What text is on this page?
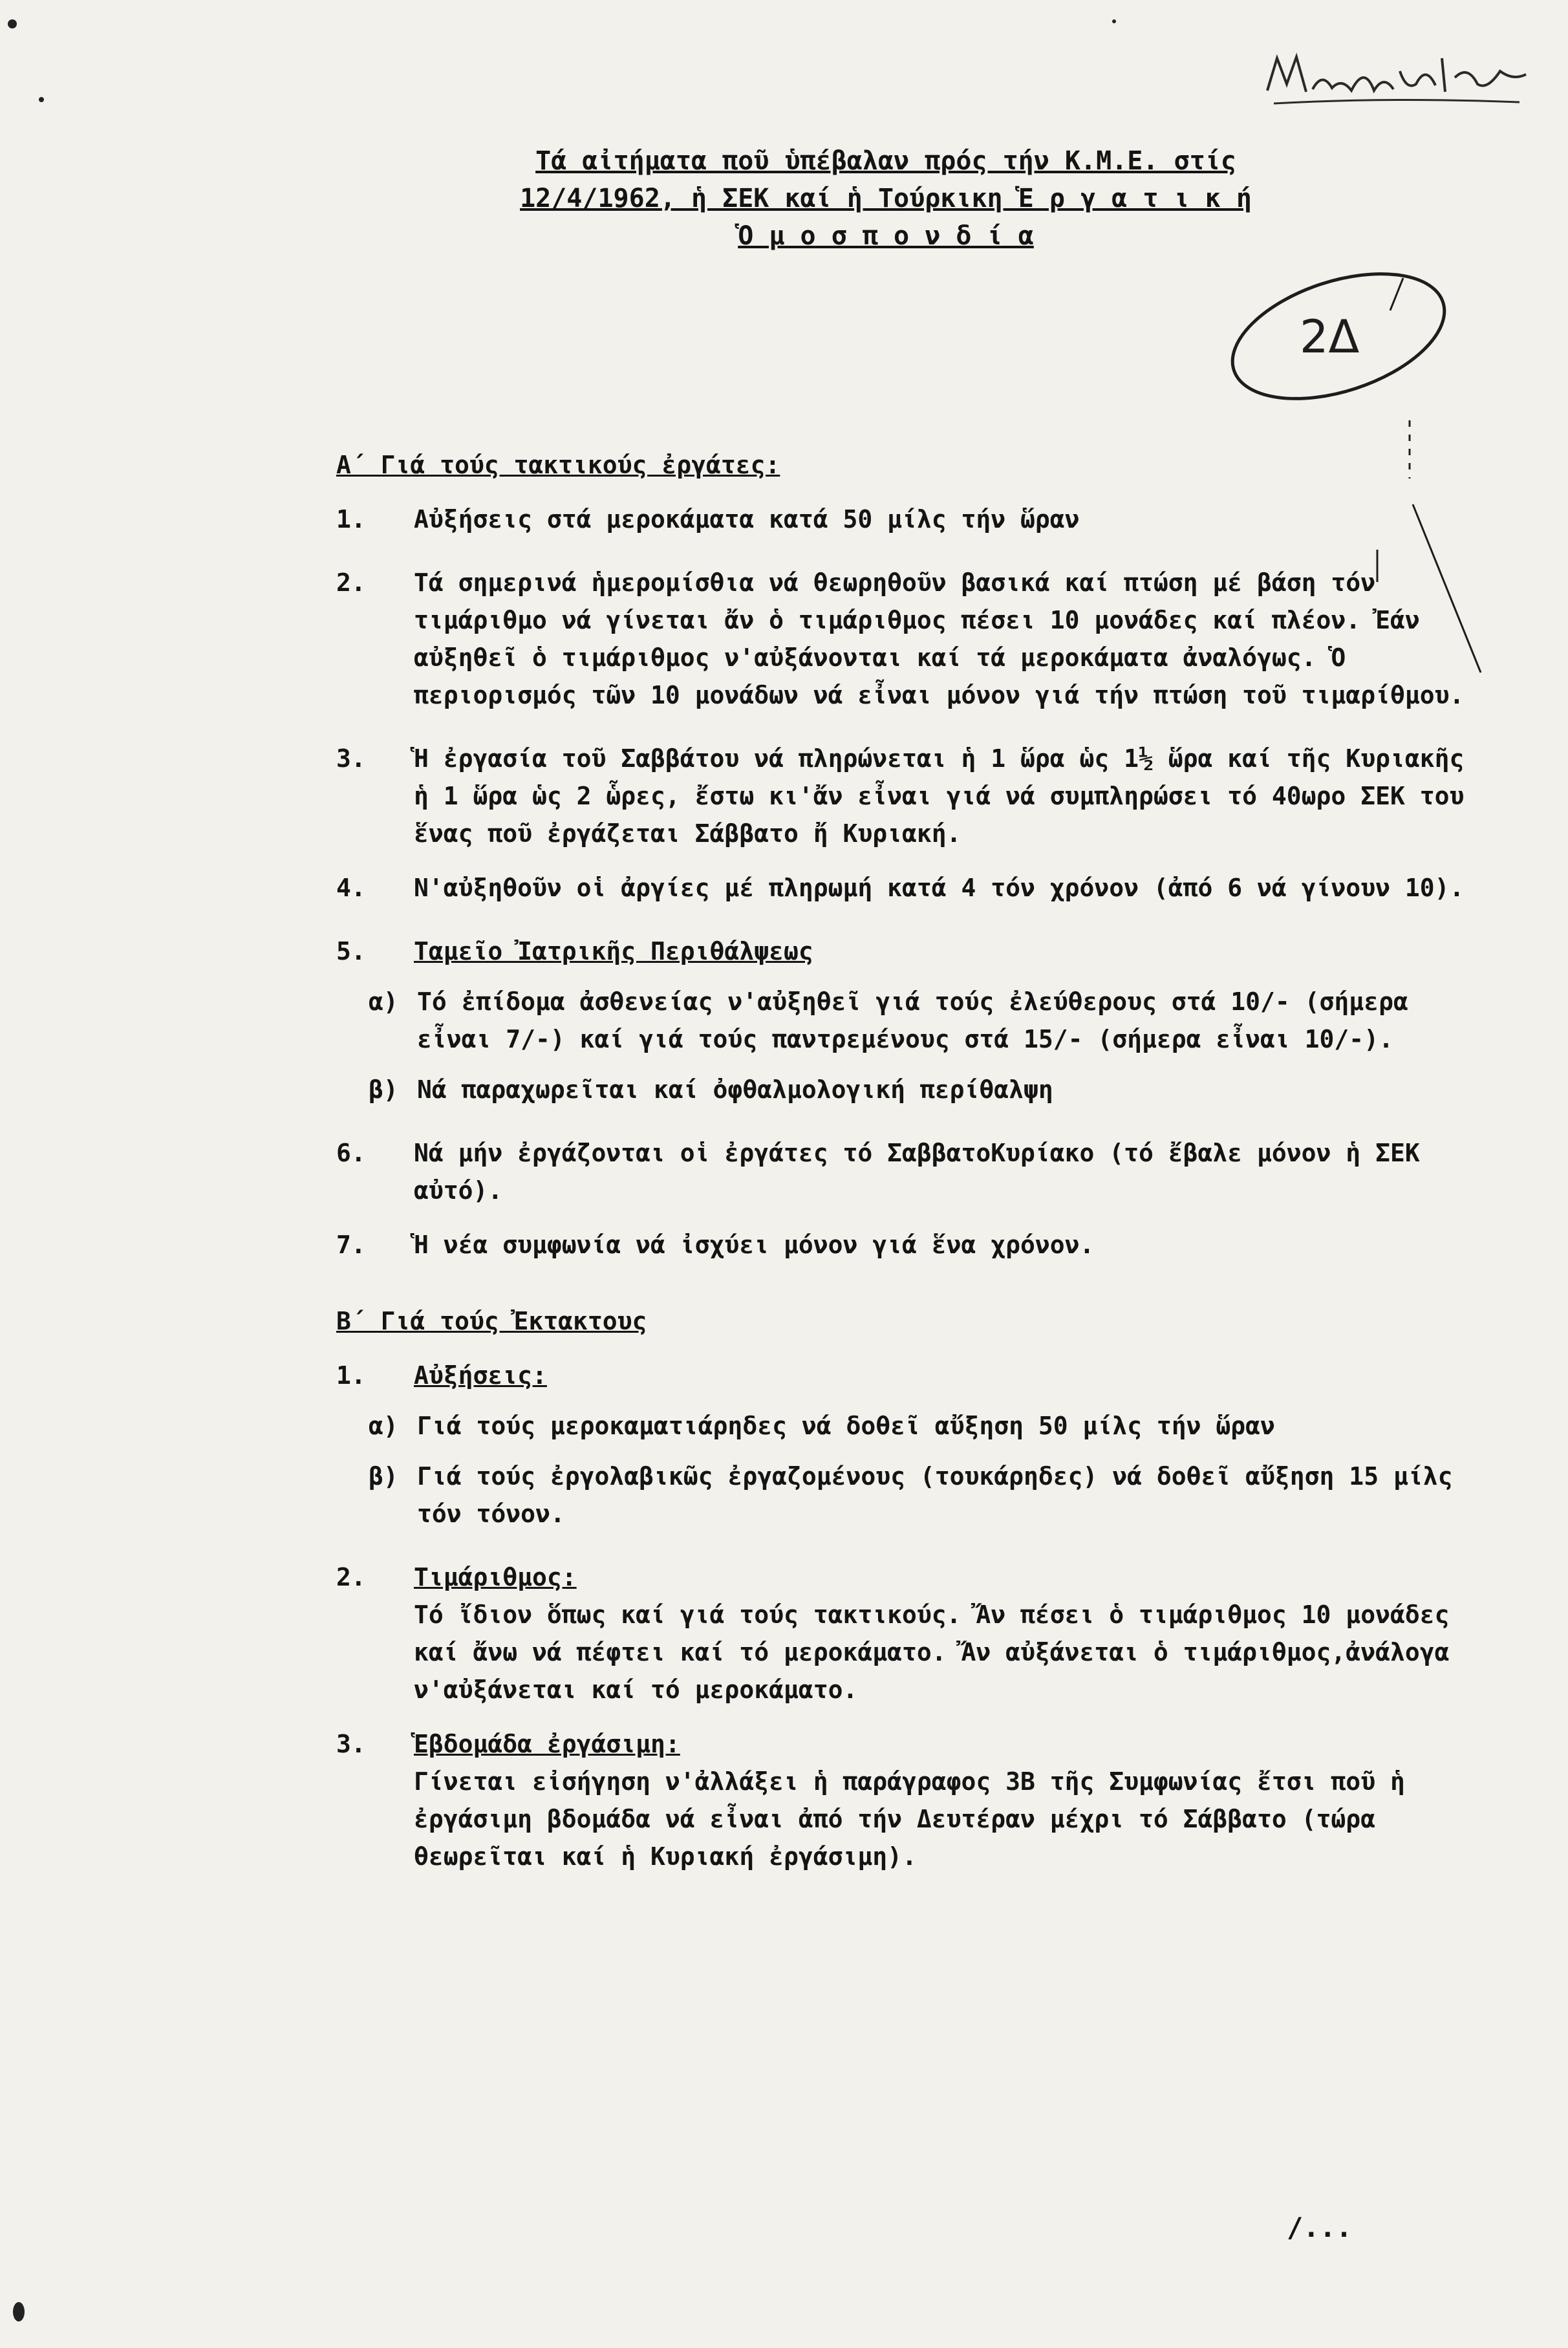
2Δ
Τά αἰτήματα ποῦ ὑπέβαλαν πρός τήν Κ.Μ.Ε. στίς
12/4/1962, ἡ ΣΕΚ καί ἡ Τούρκικη Ἑ ρ γ α τ ι κ ή
Ὁ μ ο σ π ο ν δ ί α

Α΄ Γιά τούς τακτικούς ἐργάτες:

1.	Αὐξήσεις στά μεροκάματα κατά 50 μίλς τήν ὥραν
2.	Τά σημερινά ἡμερομίσθια νά θεωρηθοῦν βασικά καί πτώση μέ βάση τόν τιμάριθμο νά γίνεται ἄν ὁ τιμάριθμος πέσει 10 μονάδες καί πλέον. Ἐάν αὐξηθεῖ ὁ τιμάριθμος ν'αὐξάνονται καί τά μεροκάματα ἀναλόγως. Ὁ περιορισμός τῶν 10 μονάδων νά εἶναι μόνον γιά τήν πτώση τοῦ τιμαρίθμου.
3.	Ἡ ἐργασία τοῦ Σαββάτου νά πληρώνεται ἡ 1 ὥρα ὡς 1½ ὥρα καί τῆς Κυριακῆς ἡ 1 ὥρα ὡς 2 ὧρες, ἔστω κι'ἄν εἶναι γιά νά συμπληρώσει τό 40ωρο ΣΕΚ του ἕνας ποῦ ἐργάζεται Σάββατο ἤ Κυριακή.
4.	Ν'αὐξηθοῦν οἱ ἀργίες μέ πληρωμή κατά 4 τόν χρόνον (ἀπό 6 νά γίνουν 10).
5.	Ταμεῖο Ἰατρικῆς Περιθάλψεως
α) Τό ἐπίδομα ἀσθενείας ν'αὐξηθεῖ γιά τούς ἐλεύθερους στά 10/- (σήμερα εἶναι 7/-) καί γιά τούς παντρεμένους στά 15/- (σήμερα εἶναι 10/-).
β) Νά παραχωρεῖται καί ὀφθαλμολογική περίθαλψη
6.	Νά μήν ἐργάζονται οἱ ἐργάτες τό ΣαββατοΚυρίακο (τό ἔβαλε μόνον ἡ ΣΕΚ αὐτό).
7.	Ἡ νέα συμφωνία νά ἰσχύει μόνον γιά ἕνα χρόνον.

Β΄ Γιά τούς Ἐκτακτους

1.	Αὐξήσεις:
α) Γιά τούς μεροκαματιάρηδες νά δοθεῖ αὔξηση 50 μίλς τήν ὥραν
β) Γιά τούς ἐργολαβικῶς ἐργαζομένους (τουκάρηδες) νά δοθεῖ αὔξηση 15 μίλς τόν τόνον.
2.	Τιμάριθμος:
Τό ἴδιον ὅπως καί γιά τούς τακτικούς. Ἄν πέσει ὁ τιμάριθμος 10 μονάδες καί ἄνω νά πέφτει καί τό μεροκάματο. Ἄν αὐξάνεται ὁ τιμάριθμος,ἀνάλογα ν'αὐξάνεται καί τό μεροκάματο.
3.	Ἑβδομάδα ἐργάσιμη:
Γίνεται εἰσήγηση ν'ἀλλάξει ἡ παράγραφος 3Β τῆς Συμφωνίας ἔτσι ποῦ ἡ ἐργάσιμη βδομάδα νά εἶναι ἀπό τήν Δευτέραν μέχρι τό Σάββατο (τώρα θεωρεῖται καί ἡ Κυριακή ἐργάσιμη).
/...
